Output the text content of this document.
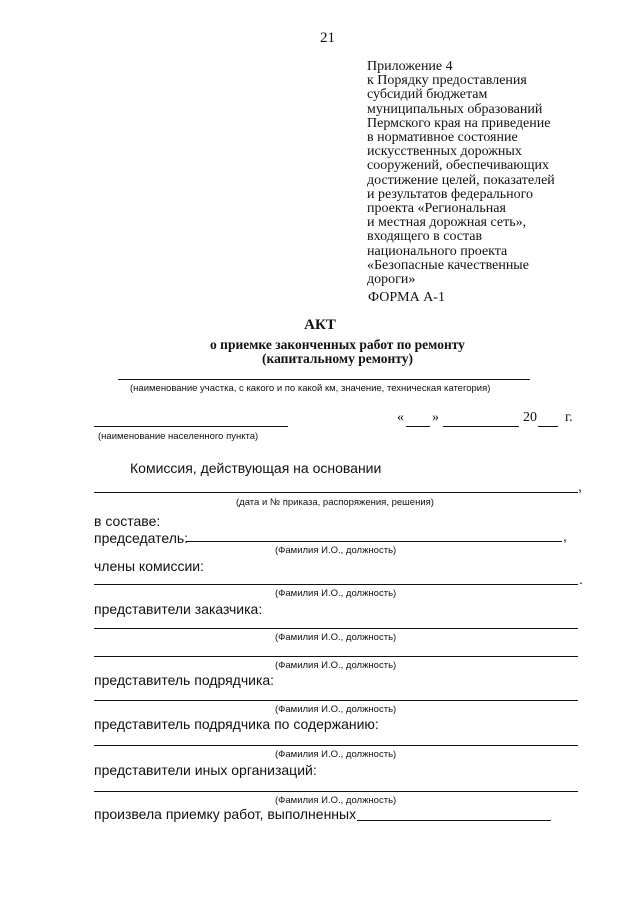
21
Приложение 4
к Порядку предоставления
субсидий бюджетам
муниципальных образований
Пермского края на приведение
в нормативное состояние
искусственных дорожных
сооружений, обеспечивающих
достижение целей, показателей
и результатов федерального
проекта «Региональная
и местная дорожная сеть»,
входящего в состав
национального проекта
«Безопасные качественные
дороги»
ФОРМА А-1
АКТ
о приемке законченных работ по ремонту
(капитальному ремонту)
(наименование участка, с какого и по какой км, значение, техническая категория)
(наименование населенного пункта)
« »	20 г.
Комиссия, действующая на основании
,
(дата и № приказа, распоряжения, решения)
в составе:
председатель:	,
(Фамилия И.О., должность)
члены комиссии:
.
(Фамилия И.О., должность)
представители заказчика:
(Фамилия И.О., должность)
(Фамилия И.О., должность)
представитель подрядчика:
(Фамилия И.О., должность)
представитель подрядчика по содержанию:
(Фамилия И.О., должность)
представители иных организаций:
(Фамилия И.О., должность)
произвела приемку работ, выполненных
